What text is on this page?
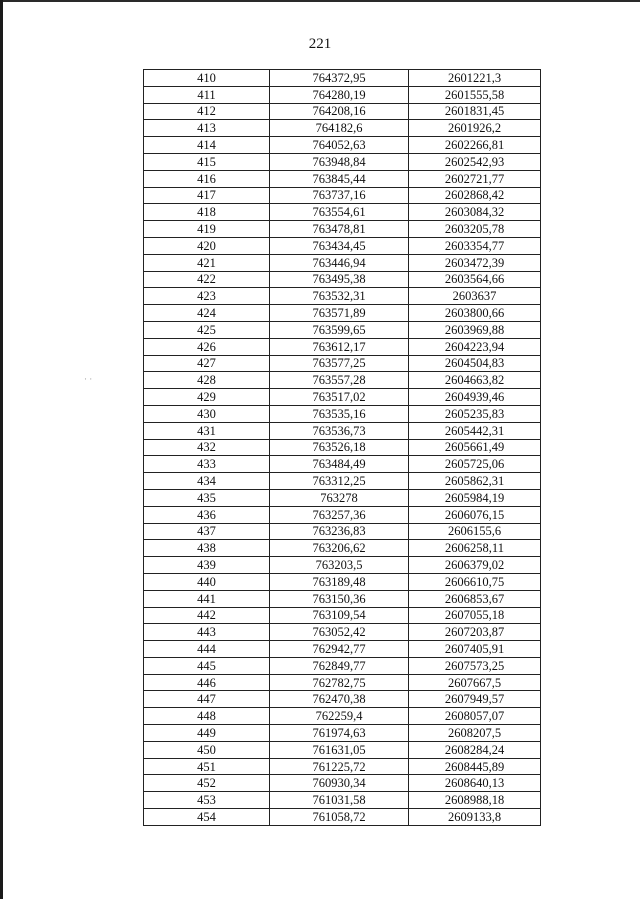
221
· ·
410	764372,95	2601221,3
411	764280,19	2601555,58
412	764208,16	2601831,45
413	764182,6	2601926,2
414	764052,63	2602266,81
415	763948,84	2602542,93
416	763845,44	2602721,77
417	763737,16	2602868,42
418	763554,61	2603084,32
419	763478,81	2603205,78
420	763434,45	2603354,77
421	763446,94	2603472,39
422	763495,38	2603564,66
423	763532,31	2603637
424	763571,89	2603800,66
425	763599,65	2603969,88
426	763612,17	2604223,94
427	763577,25	2604504,83
428	763557,28	2604663,82
429	763517,02	2604939,46
430	763535,16	2605235,83
431	763536,73	2605442,31
432	763526,18	2605661,49
433	763484,49	2605725,06
434	763312,25	2605862,31
435	763278	2605984,19
436	763257,36	2606076,15
437	763236,83	2606155,6
438	763206,62	2606258,11
439	763203,5	2606379,02
440	763189,48	2606610,75
441	763150,36	2606853,67
442	763109,54	2607055,18
443	763052,42	2607203,87
444	762942,77	2607405,91
445	762849,77	2607573,25
446	762782,75	2607667,5
447	762470,38	2607949,57
448	762259,4	2608057,07
449	761974,63	2608207,5
450	761631,05	2608284,24
451	761225,72	2608445,89
452	760930,34	2608640,13
453	761031,58	2608988,18
454	761058,72	2609133,8
